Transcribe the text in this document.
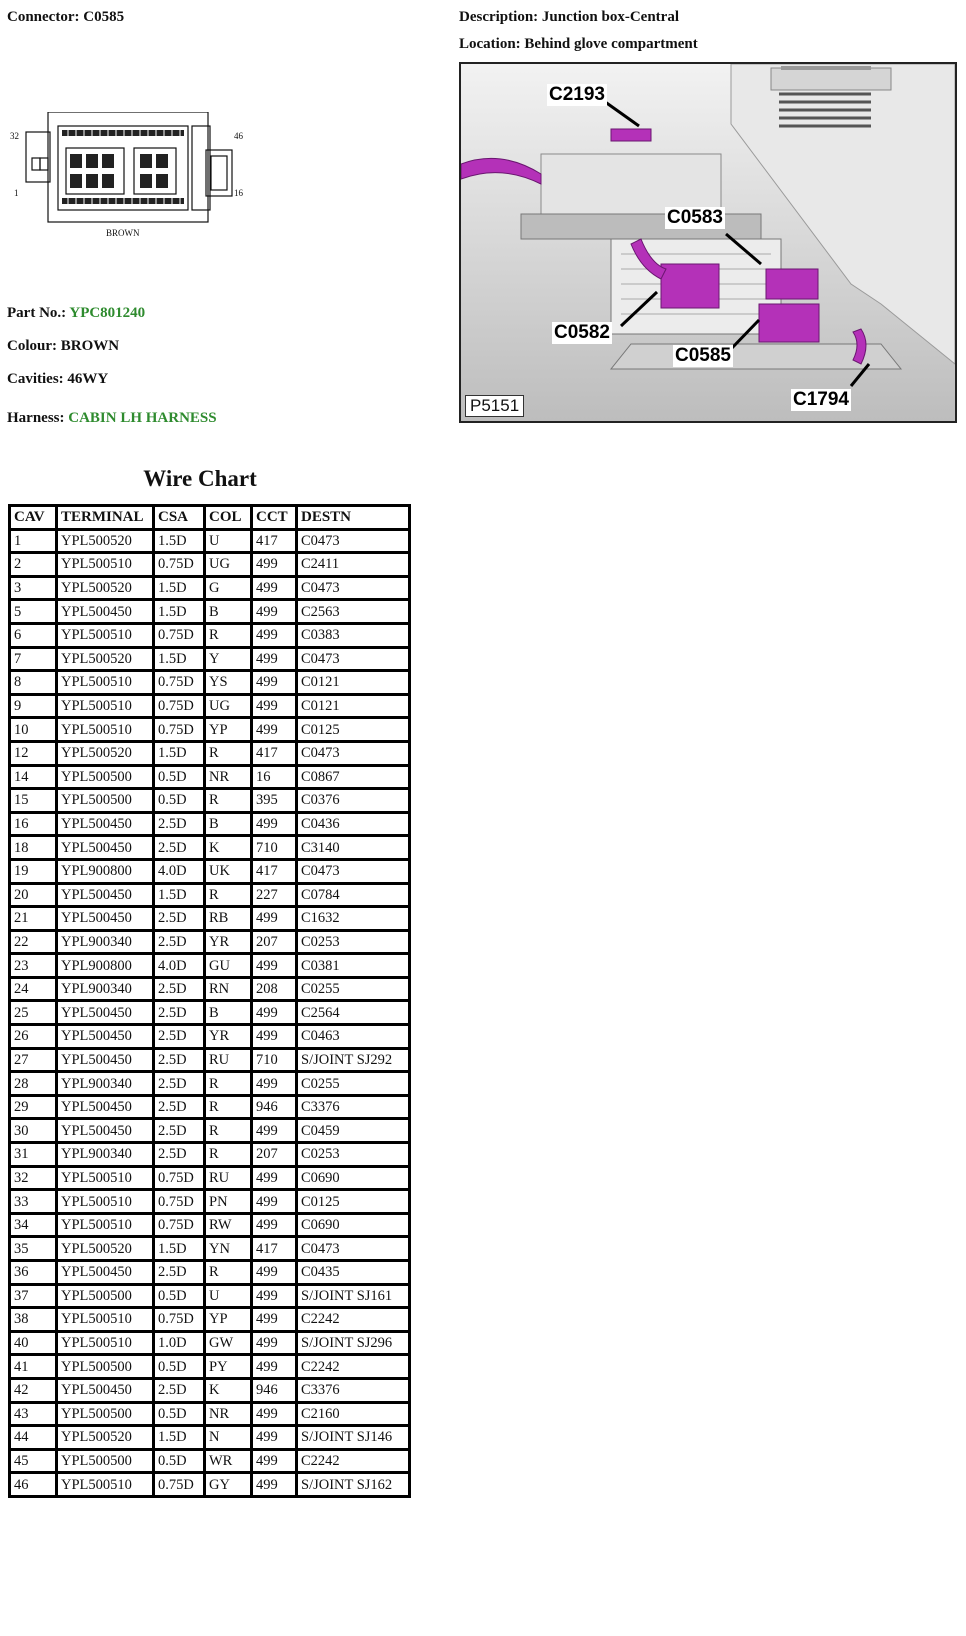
Connector: C0585	Description: Junction box-Central
Location: Behind glove compartment
32
1
46
16
BROWN
Part No.: YPC801240
Colour: BROWN
Cavities: 46WY
Harness: CABIN LH HARNESS
C2193
C0583
C0582
C0585
C1794
P5151
Wire Chart
CAV	TERMINAL	CSA	COL	CCT	DESTN
1	YPL500520	1.5D	U	417	C0473
2	YPL500510	0.75D	UG	499	C2411
3	YPL500520	1.5D	G	499	C0473
5	YPL500450	1.5D	B	499	C2563
6	YPL500510	0.75D	R	499	C0383
7	YPL500520	1.5D	Y	499	C0473
8	YPL500510	0.75D	YS	499	C0121
9	YPL500510	0.75D	UG	499	C0121
10	YPL500510	0.75D	YP	499	C0125
12	YPL500520	1.5D	R	417	C0473
14	YPL500500	0.5D	NR	16	C0867
15	YPL500500	0.5D	R	395	C0376
16	YPL500450	2.5D	B	499	C0436
18	YPL500450	2.5D	K	710	C3140
19	YPL900800	4.0D	UK	417	C0473
20	YPL500450	1.5D	R	227	C0784
21	YPL500450	2.5D	RB	499	C1632
22	YPL900340	2.5D	YR	207	C0253
23	YPL900800	4.0D	GU	499	C0381
24	YPL900340	2.5D	RN	208	C0255
25	YPL500450	2.5D	B	499	C2564
26	YPL500450	2.5D	YR	499	C0463
27	YPL500450	2.5D	RU	710	S/JOINT SJ292
28	YPL900340	2.5D	R	499	C0255
29	YPL500450	2.5D	R	946	C3376
30	YPL500450	2.5D	R	499	C0459
31	YPL900340	2.5D	R	207	C0253
32	YPL500510	0.75D	RU	499	C0690
33	YPL500510	0.75D	PN	499	C0125
34	YPL500510	0.75D	RW	499	C0690
35	YPL500520	1.5D	YN	417	C0473
36	YPL500450	2.5D	R	499	C0435
37	YPL500500	0.5D	U	499	S/JOINT SJ161
38	YPL500510	0.75D	YP	499	C2242
40	YPL500510	1.0D	GW	499	S/JOINT SJ296
41	YPL500500	0.5D	PY	499	C2242
42	YPL500450	2.5D	K	946	C3376
43	YPL500500	0.5D	NR	499	C2160
44	YPL500520	1.5D	N	499	S/JOINT SJ146
45	YPL500500	0.5D	WR	499	C2242
46	YPL500510	0.75D	GY	499	S/JOINT SJ162
